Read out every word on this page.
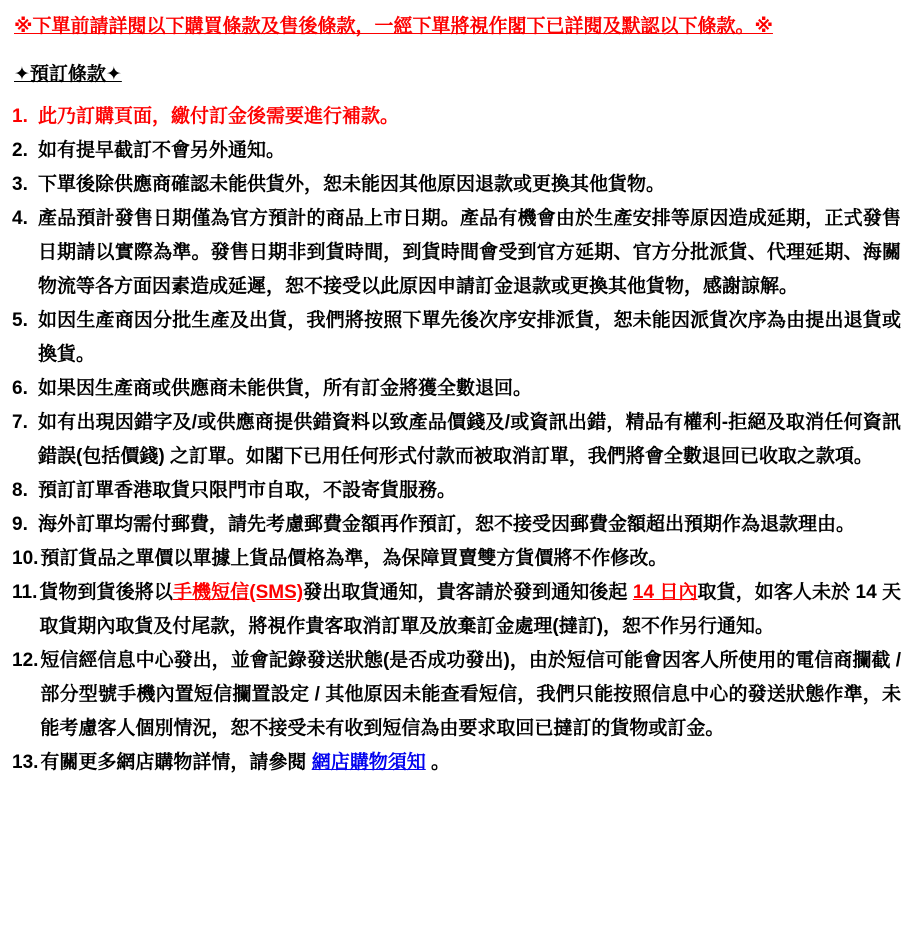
※下單前請詳閱以下購買條款及售後條款，一經下單將視作閣下已詳閱及默認以下條款。※
✦預訂條款✦
1. 此乃訂購頁面，繳付訂金後需要進行補款。
2. 如有提早截訂不會另外通知。
3. 下單後除供應商確認未能供貨外，恕未能因其他原因退款或更換其他貨物。
4. 產品預計發售日期僅為官方預計的商品上市日期。產品有機會由於生產安排等原因造成延期，正式發售日期請以實際為準。發售日期非到貨時間，到貨時間會受到官方延期、官方分批派貨、代理延期、海關物流等各方面因素造成延遲，恕不接受以此原因申請訂金退款或更換其他貨物，感謝諒解。
5. 如因生產商因分批生產及出貨，我們將按照下單先後次序安排派貨，恕未能因派貨次序為由提出退貨或換貨。
6. 如果因生產商或供應商未能供貨，所有訂金將獲全數退回。
7. 如有出現因錯字及/或供應商提供錯資料以致產品價錢及/或資訊出錯，精品有權利-拒絕及取消任何資訊錯誤(包括價錢) 之訂單。如閣下已用任何形式付款而被取消訂單，我們將會全數退回已收取之款項。
8. 預訂訂單香港取貨只限門市自取，不設寄貨服務。
9. 海外訂單均需付郵費，請先考慮郵費金額再作預訂，恕不接受因郵費金額超出預期作為退款理由。
10. 預訂貨品之單價以單據上貨品價格為準，為保障買賣雙方貨價將不作修改。
11. 貨物到貨後將以手機短信(SMS)發出取貨通知，貴客請於發到通知後起 14 日內取貨，如客人未於 14 天取貨期內取貨及付尾款，將視作貴客取消訂單及放棄訂金處理(撻訂)，恕不作另行通知。
12. 短信經信息中心發出，並會記錄發送狀態(是否成功發出)，由於短信可能會因客人所使用的電信商攔截 / 部分型號手機內置短信攔置設定 / 其他原因未能查看短信，我們只能按照信息中心的發送狀態作準，未能考慮客人個別情況，恕不接受未有收到短信為由要求取回已撻訂的貨物或訂金。
13. 有關更多網店購物詳情，請參閱 網店購物須知 。
